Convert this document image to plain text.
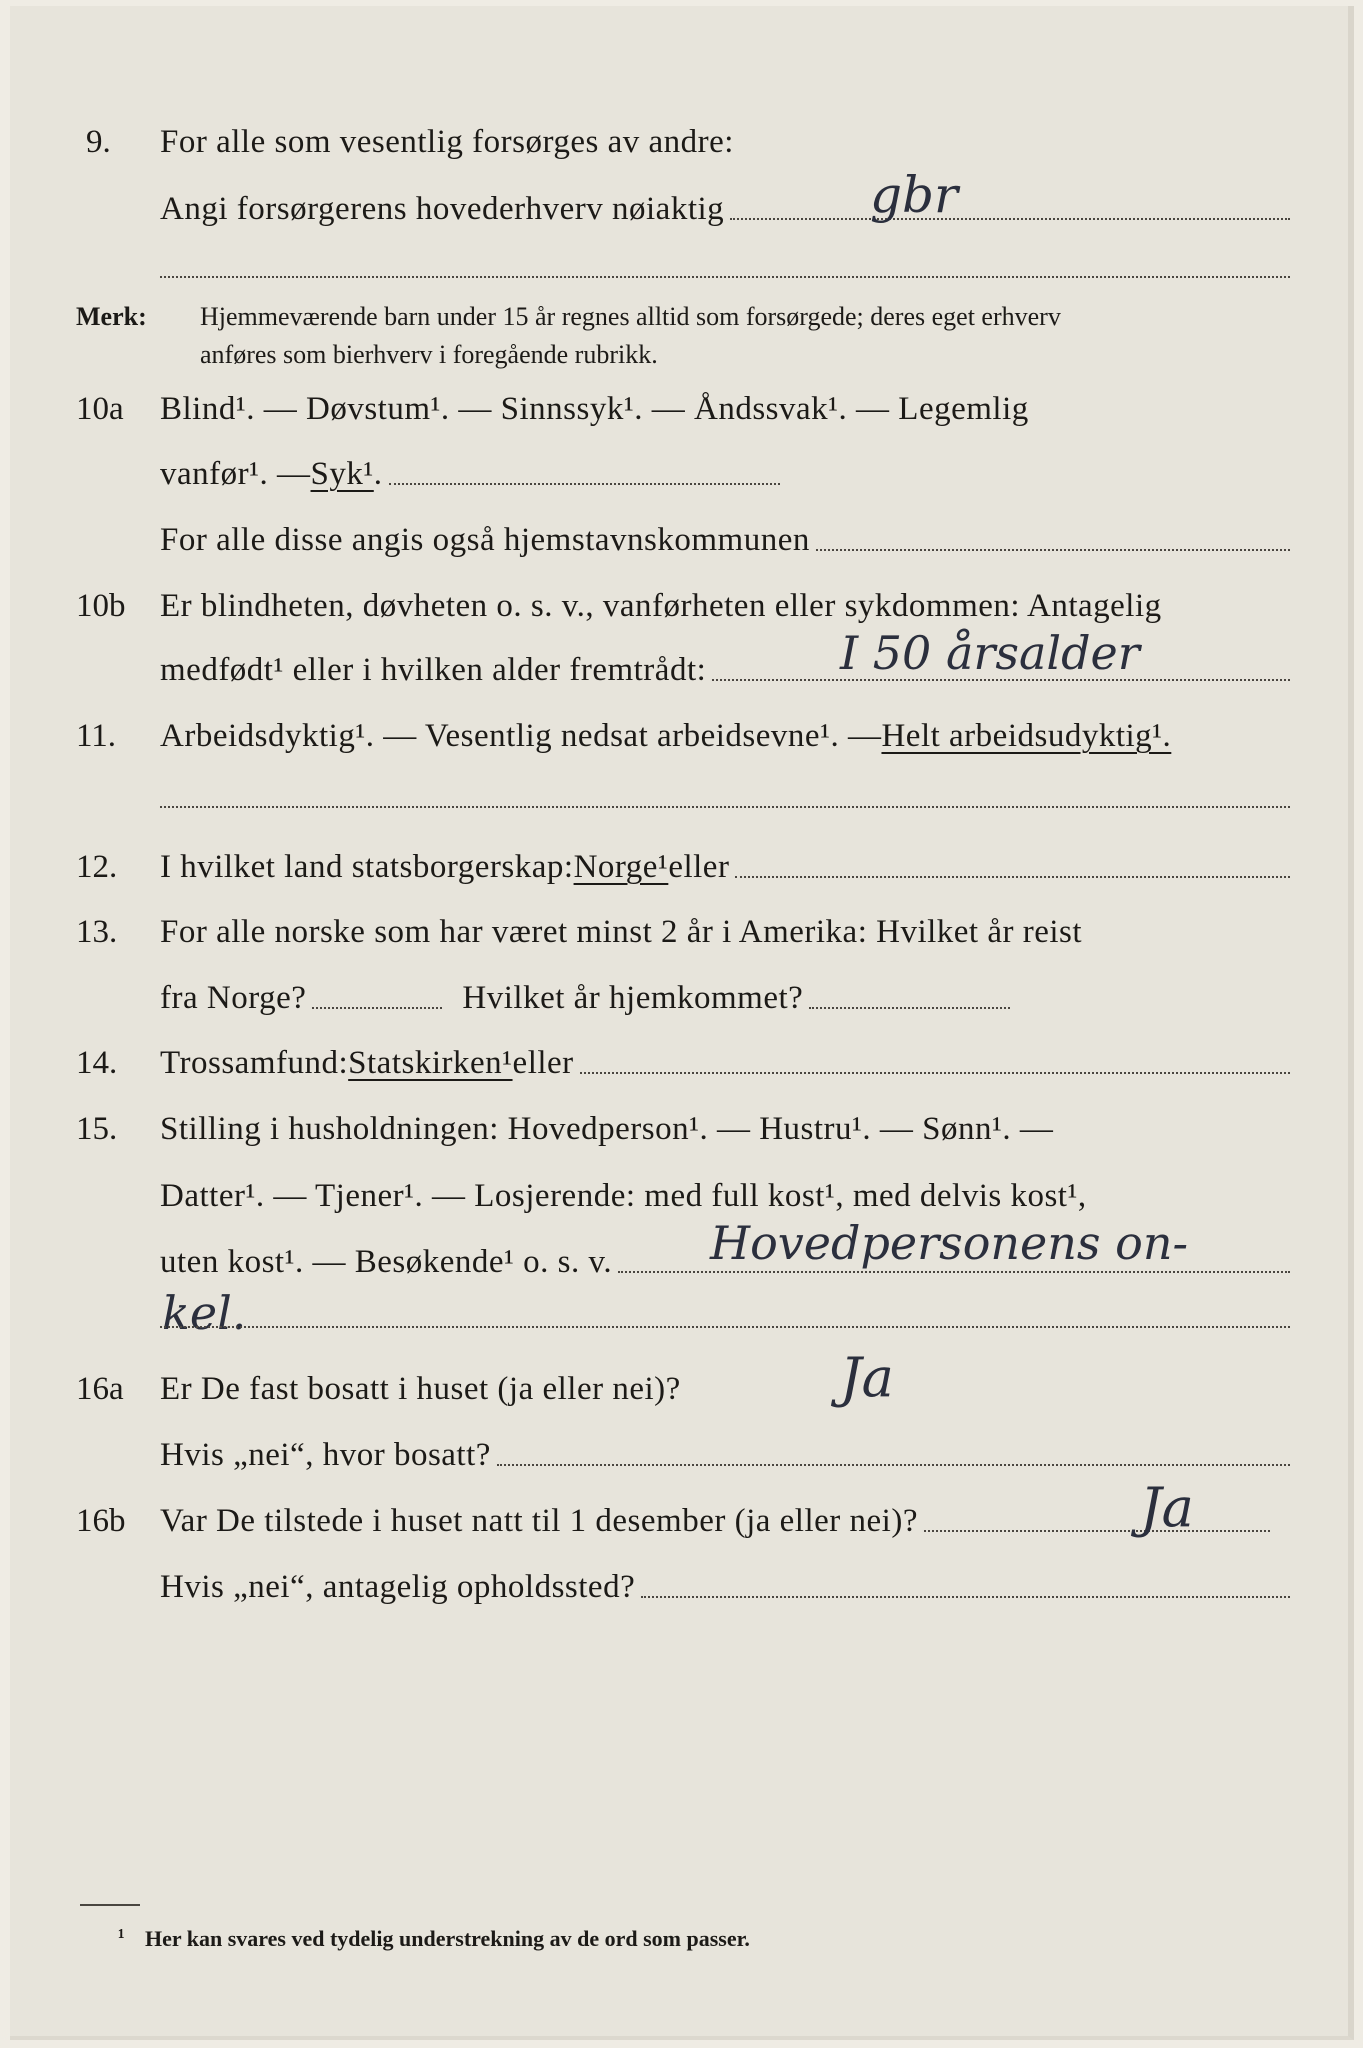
9. For alle som vesentlig forsørges av andre:
Angi forsørgerens hovederhverv nøiaktig	gbr
Merk: Hjemmeværende barn under 15 år regnes alltid som forsørgede; deres eget erhverv
anføres som bierhverv i foregående rubrikk.
10a Blind¹. — Døvstum¹. — Sinnssyk¹. — Åndssvak¹. — Legemlig
vanfør¹. — Syk¹ .
For alle disse angis også hjemstavnskommunen
10b Er blindheten, døvheten o. s. v., vanførheten eller sykdommen: Antagelig
medfødt¹ eller i hvilken alder fremtrådt:	I 50 årsalder
11. Arbeidsdyktig¹. — Vesentlig nedsat arbeidsevne¹. — Helt arbeidsudyktig¹.
12. I hvilket land statsborgerskap: Norge¹ eller
13. For alle norske som har været minst 2 år i Amerika: Hvilket år reist
fra Norge?	Hvilket år hjemkommet?
14. Trossamfund: Statskirken¹ eller
15. Stilling i husholdningen: Hovedperson¹. — Hustru¹. — Sønn¹. —
Datter¹. — Tjener¹. — Losjerende: med full kost¹, med delvis kost¹,
uten kost¹. — Besøkende¹ o. s. v. Hovedpersonens on-
kel.
16a Er De fast bosatt i huset (ja eller nei)?	Ja
Hvis „nei“, hvor bosatt?
16b Var De tilstede i huset natt til 1 desember (ja eller nei)?	Ja
Hvis „nei“, antagelig opholdssted?
¹ Her kan svares ved tydelig understrekning av de ord som passer.
